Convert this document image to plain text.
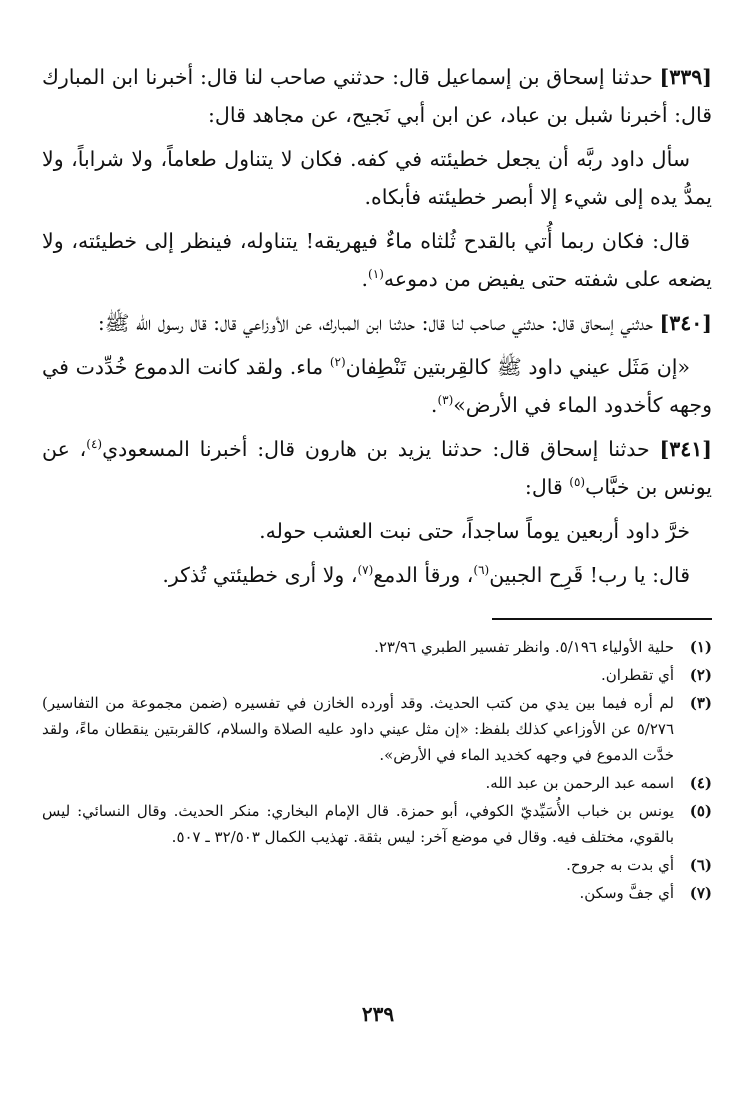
[٣٣٩] حدثنا إسحاق بن إسماعيل قال: حدثني صاحب لنا قال: أخبرنا ابن المبارك قال: أخبرنا شبل بن عباد، عن ابن أبي نَجيح، عن مجاهد قال:

سأل داود ربَّه أن يجعل خطيئته في كفه. فكان لا يتناول طعاماً، ولا شراباً، ولا يمدُّ يده إلى شيء إلا أبصر خطيئته فأبكاه.

قال: فكان ربما أُتي بالقدح ثُلثاه ماءٌ فيهريقه! يتناوله، فينظر إلى خطيئته، ولا يضعه على شفته حتى يفيض من دموعه$^{(١)}$.

[٣٤٠] حدثني إسحاق قال: حدثني صاحب لنا قال: حدثنا ابن المبارك، عن الأوزاعي قال: قال رسول الله ﷺ:

«إن مَثَل عيني داود ﷺ كالقِربتين تَنْطِفان$^{(٢)}$ ماء. ولقد كانت الدموع خُدِّدت في وجهه كأخدود الماء في الأرض»$^{(٣)}$.

[٣٤١] حدثنا إسحاق قال: حدثنا يزيد بن هارون قال: أخبرنا المسعودي$^{(٤)}$، عن يونس بن خبَّاب$^{(٥)}$ قال:

خرَّ داود أربعين يوماً ساجداً، حتى نبت العشب حوله.

قال: يا رب! قَرِح الجبين$^{(٦)}$، ورقأ الدمع$^{(٧)}$، ولا أرى خطيئتي تُذكر.

(١)
حلية الأولياء ٥/١٩٦. وانظر تفسير الطبري ٢٣/٩٦.
(٢)
أي تقطران.
(٣)
لم أره فيما بين يدي من كتب الحديث. وقد أورده الخازن في تفسيره (ضمن مجموعة من التفاسير) ٥/٢٧٦ عن الأوزاعي كذلك بلفظ: «إن مثل عيني داود عليه الصلاة والسلام، كالقربتين ينقطان ماءً، ولقد خدَّت الدموع في وجهه كخديد الماء في الأرض».
(٤)
اسمه عبد الرحمن بن عبد الله.
(٥)
يونس بن خباب الأُسَيِّديّ الكوفي، أبو حمزة. قال الإمام البخاري: منكر الحديث. وقال النسائي: ليس بالقوي، مختلف فيه. وقال في موضع آخر: ليس بثقة. تهذيب الكمال ٣٢/٥٠٣ ـ ٥٠٧.
(٦)
أي بدت به جروح.
(٧)
أي جفَّ وسكن.
٢٣٩
